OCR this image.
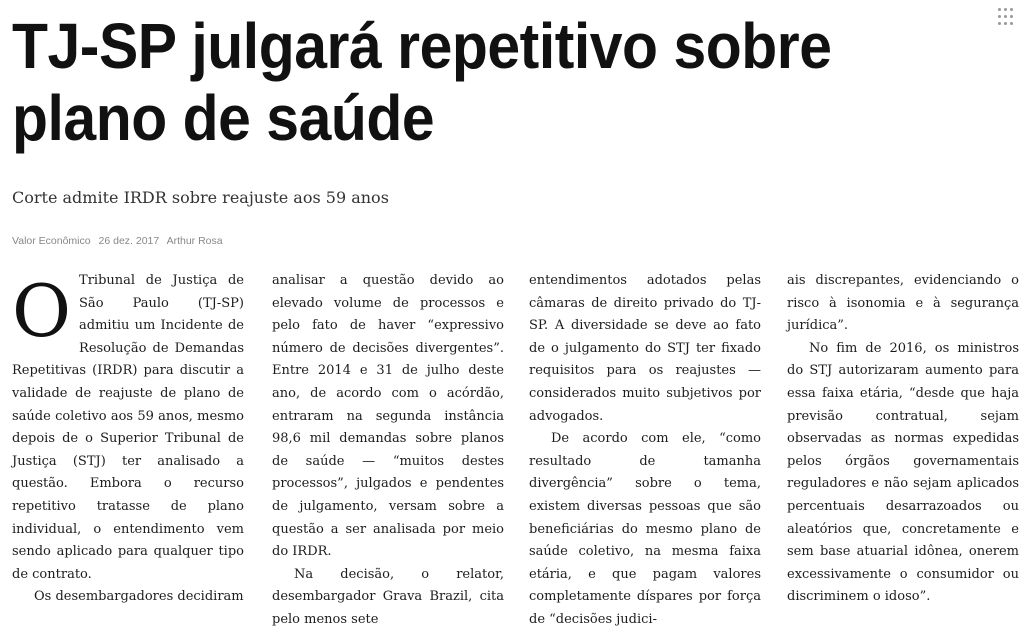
TJ-SP julgará repetitivo sobre plano de saúde

Corte admite IRDR sobre reajuste aos 59 anos

Valor Econômico 26 dez. 2017 Arthur Rosa
O Tribunal de Justiça de São Paulo (TJ-SP) admitiu um Incidente de Resolução de Demandas Repetitivas (IRDR) para discutir a validade de reajuste de plano de saúde coletivo aos 59 anos, mesmo depois de o Superior Tribunal de Justiça (STJ) ter analisado a questão. Embora o recurso repetitivo tratasse de plano individual, o entendimento vem sendo aplicado para qualquer tipo de contrato.

Os desembargadores decidiram

analisar a questão devido ao elevado volume de processos e pelo fato de haver “expressivo número de decisões divergentes”. Entre 2014 e 31 de julho deste ano, de acordo com o acórdão, entraram na segunda instância 98,6 mil demandas sobre planos de saúde — “muitos destes processos”, julgados e pendentes de julgamento, versam sobre a questão a ser analisada por meio do IRDR.

Na decisão, o relator, desembargador Grava Brazil, cita pelo menos sete

entendimentos adotados pelas câmaras de direito privado do TJ-SP. A diversidade se deve ao fato de o julgamento do STJ ter fixado requisitos para os reajustes — considerados muito subjetivos por advogados.

De acordo com ele, “como resultado de tamanha divergência” sobre o tema, existem diversas pessoas que são beneficiárias do mesmo plano de saúde coletivo, na mesma faixa etária, e que pagam valores completamente díspares por força de “decisões judici-

ais discrepantes, evidenciando o risco à isonomia e à segurança jurídica”.

No fim de 2016, os ministros do STJ autorizaram aumento para essa faixa etária, “desde que haja previsão contratual, sejam observadas as normas expedidas pelos órgãos governamentais reguladores e não sejam aplicados percentuais desarrazoados ou aleatórios que, concretamente e sem base atuarial idônea, onerem excessivamente o consumidor ou discriminem o idoso”.
